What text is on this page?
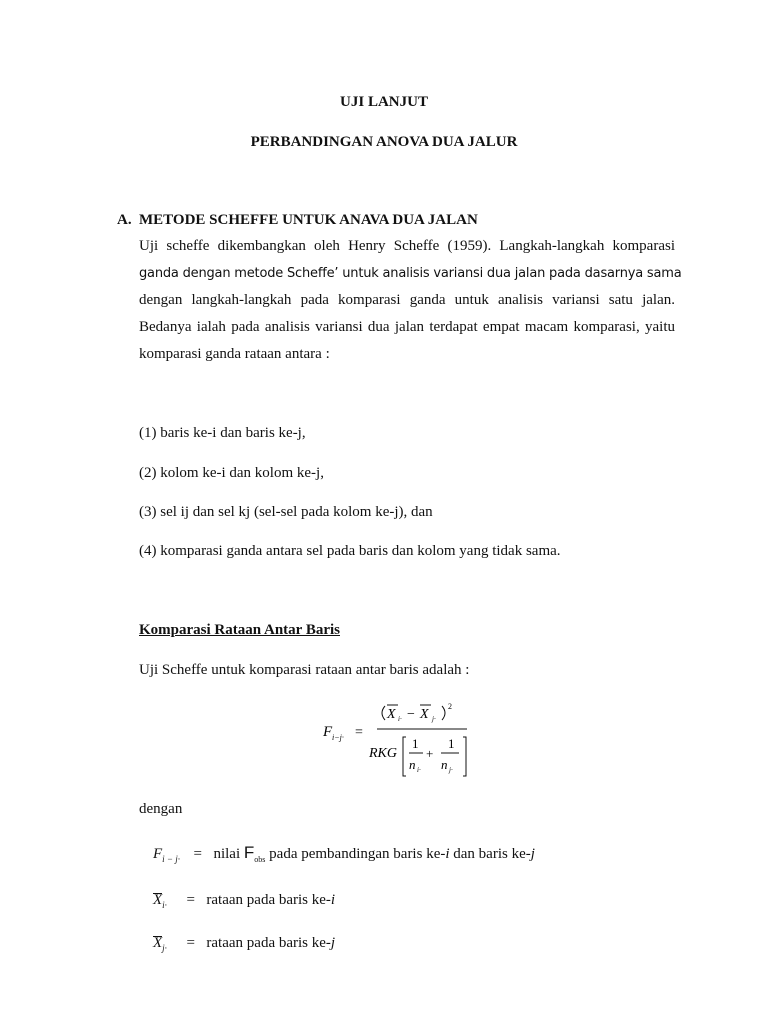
UJI LANJUT
PERBANDINGAN ANOVA DUA JALUR
A. METODE SCHEFFE UNTUK ANAVA DUA JALAN
Uji scheffe dikembangkan oleh Henry Scheffe (1959). Langkah-langkah komparasi
ganda dengan metode Scheffe’ untuk analisis variansi dua jalan pada dasarnya sama
dengan langkah-langkah pada komparasi ganda untuk analisis variansi satu jalan.
Bedanya ialah pada analisis variansi dua jalan terdapat empat macam komparasi, yaitu
komparasi ganda rataan antara :
(1) baris ke-i dan baris ke-j,
(2) kolom ke-i dan kolom ke-j,
(3) sel ij dan sel kj (sel-sel pada kolom ke-j), dan
(4) komparasi ganda antara sel pada baris dan kolom yang tidak sama.
Komparasi Rataan Antar Baris
Uji Scheffe untuk komparasi rataan antar baris adalah :
F i−j· =
X i· − X j·
2
RKG
1
n i·
+
1
n j·
dengan
$F_{i - j\cdot}$ = nilai $F_{obs}$ pada pembandingan baris ke-i dan baris ke-j
$X_{i\cdot}$ = rataan pada baris ke-i
$X_{j\cdot}$ = rataan pada baris ke-j
